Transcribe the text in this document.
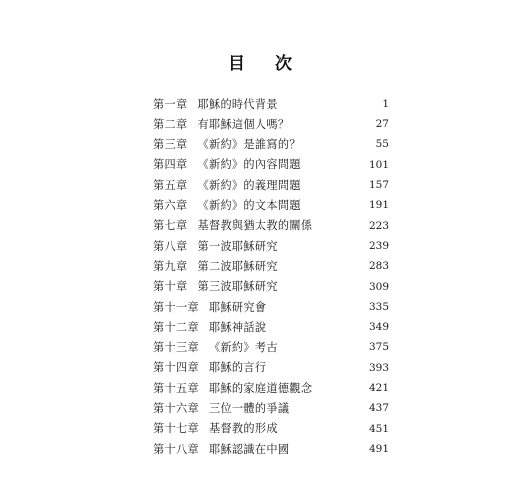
目 次
第一章 耶穌的時代背景	1
第二章 有耶穌這個人嗎？	27
第三章 《新約》是誰寫的？	55
第四章 《新約》的內容問題	101
第五章 《新約》的義理問題	157
第六章 《新約》的文本問題	191
第七章 基督教與猶太教的關係	223
第八章 第一波耶穌研究	239
第九章 第二波耶穌研究	283
第十章 第三波耶穌研究	309
第十一章 耶穌研究會	335
第十二章 耶穌神話說	349
第十三章 《新約》考古	375
第十四章 耶穌的言行	393
第十五章 耶穌的家庭道德觀念	421
第十六章 三位一體的爭議	437
第十七章 基督教的形成	451
第十八章 耶穌認識在中國	491
